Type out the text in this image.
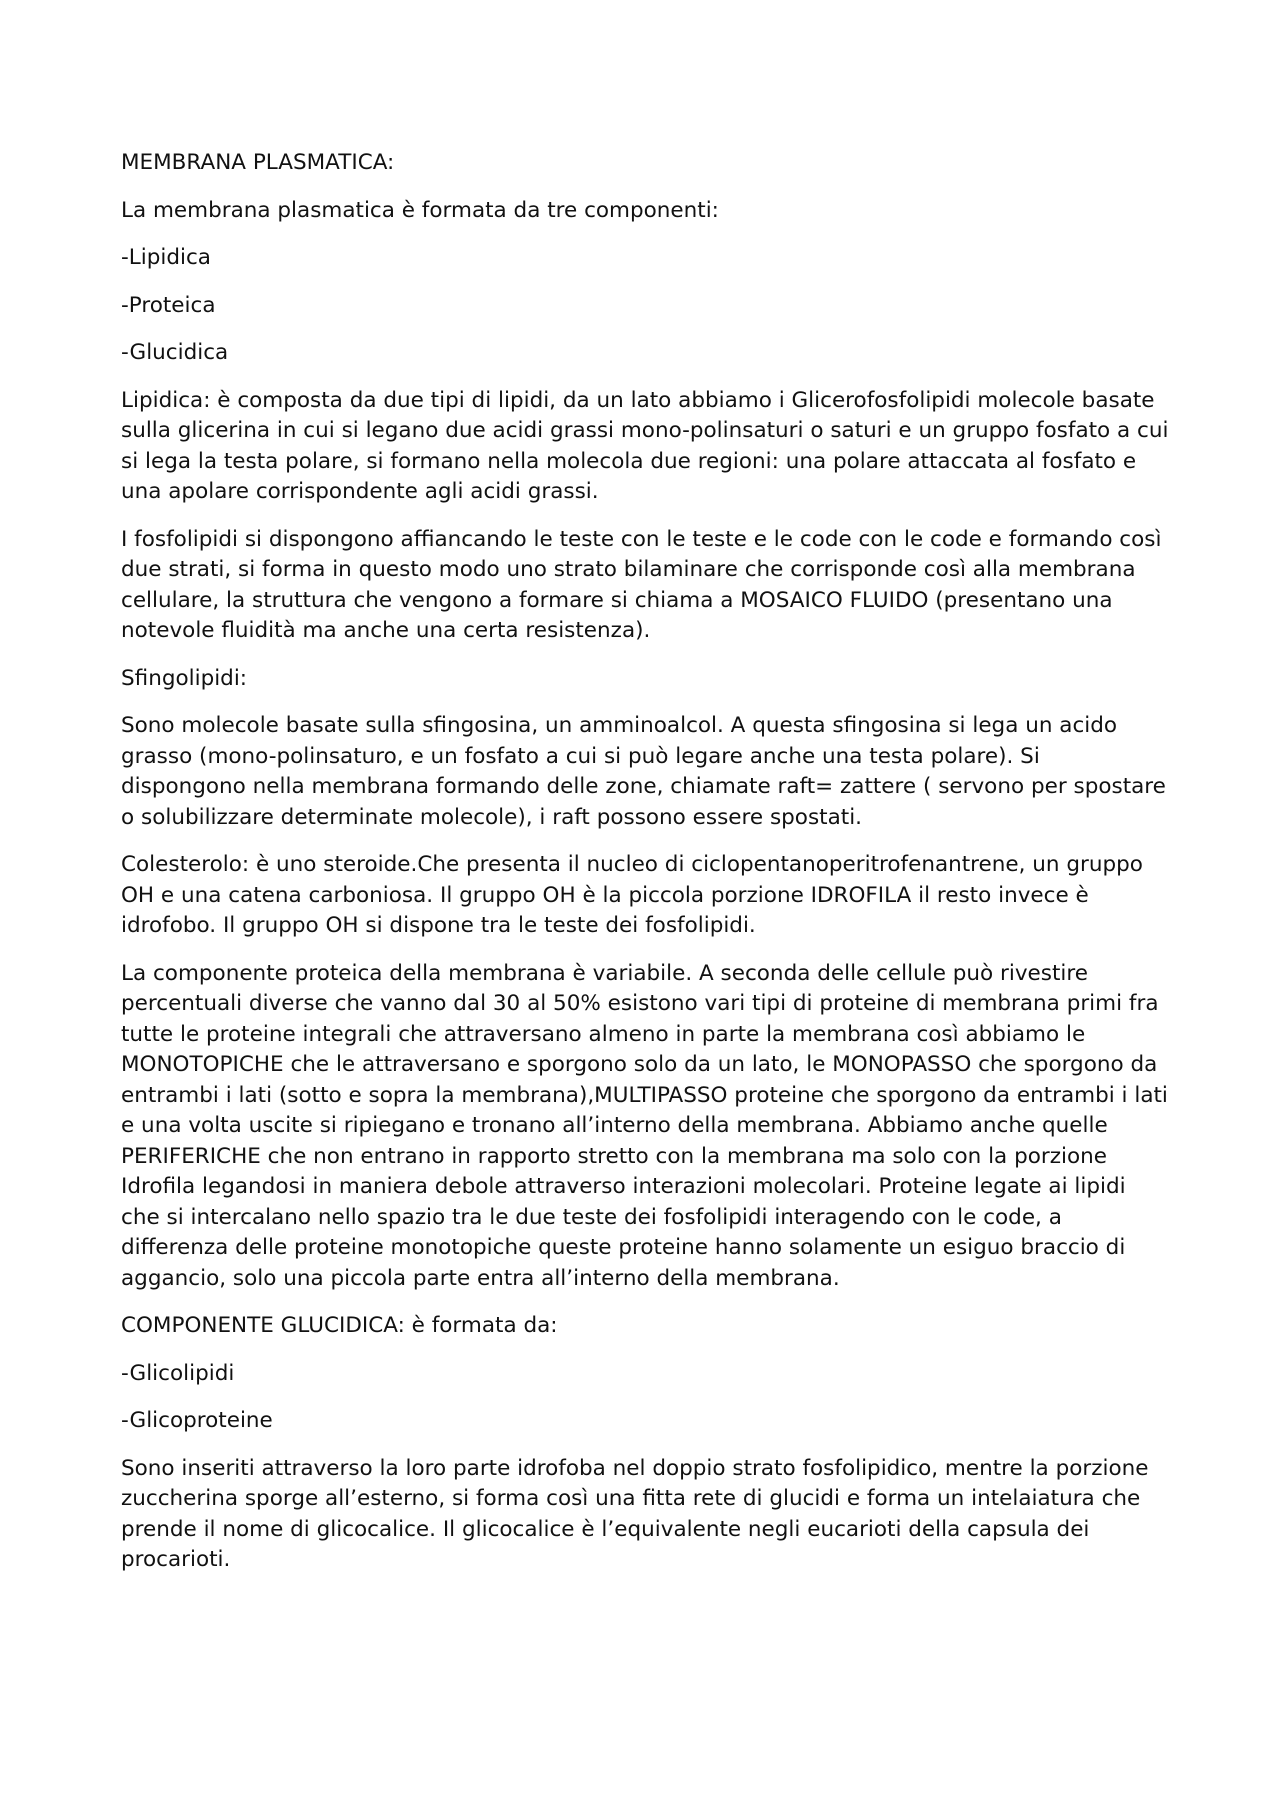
MEMBRANA PLASMATICA:

La membrana plasmatica è formata da tre componenti:

-Lipidica

-Proteica

-Glucidica

Lipidica: è composta da due tipi di lipidi, da un lato abbiamo i Glicerofosfolipidi molecole basate sulla glicerina in cui si legano due acidi grassi mono-polinsaturi o saturi e un gruppo fosfato a cui si lega la testa polare, si formano nella molecola due regioni: una polare attaccata al fosfato e una apolare corrispondente agli acidi grassi.

I fosfolipidi si dispongono affiancando le teste con le teste e le code con le code e formando così due strati, si forma in questo modo uno strato bilaminare che corrisponde così alla membrana cellulare, la struttura che vengono a formare si chiama a MOSAICO FLUIDO (presentano una notevole fluidità ma anche una certa resistenza).

Sfingolipidi:

Sono molecole basate sulla sfingosina, un amminoalcol. A questa sfingosina si lega un acido grasso (mono-polinsaturo, e un fosfato a cui si può legare anche una testa polare). Si dispongono nella membrana formando delle zone, chiamate raft= zattere ( servono per spostare o solubilizzare determinate molecole), i raft possono essere spostati.

Colesterolo: è uno steroide.Che presenta il nucleo di ciclopentanoperitrofenantrene, un gruppo OH e una catena carboniosa. Il gruppo OH è la piccola porzione IDROFILA il resto invece è idrofobo. Il gruppo OH si dispone tra le teste dei fosfolipidi.

La componente proteica della membrana è variabile. A seconda delle cellule può rivestire percentuali diverse che vanno dal 30 al 50% esistono vari tipi di proteine di membrana primi fra tutte le proteine integrali che attraversano almeno in parte la membrana così abbiamo le MONOTOPICHE che le attraversano e sporgono solo da un lato, le MONOPASSO che sporgono da entrambi i lati (sotto e sopra la membrana),MULTIPASSO proteine che sporgono da entrambi i lati e una volta uscite si ripiegano e tronano all’interno della membrana. Abbiamo anche quelle PERIFERICHE che non entrano in rapporto stretto con la membrana ma solo con la porzione Idrofila legandosi in maniera debole attraverso interazioni molecolari. Proteine legate ai lipidi che si intercalano nello spazio tra le due teste dei fosfolipidi interagendo con le code, a differenza delle proteine monotopiche queste proteine hanno solamente un esiguo braccio di aggancio, solo una piccola parte entra all’interno della membrana.

COMPONENTE GLUCIDICA: è formata da:

-Glicolipidi

-Glicoproteine

Sono inseriti attraverso la loro parte idrofoba nel doppio strato fosfolipidico, mentre la porzione zuccherina sporge all’esterno, si forma così una fitta rete di glucidi e forma un intelaiatura che prende il nome di glicocalice. Il glicocalice è l’equivalente negli eucarioti della capsula dei procarioti.
